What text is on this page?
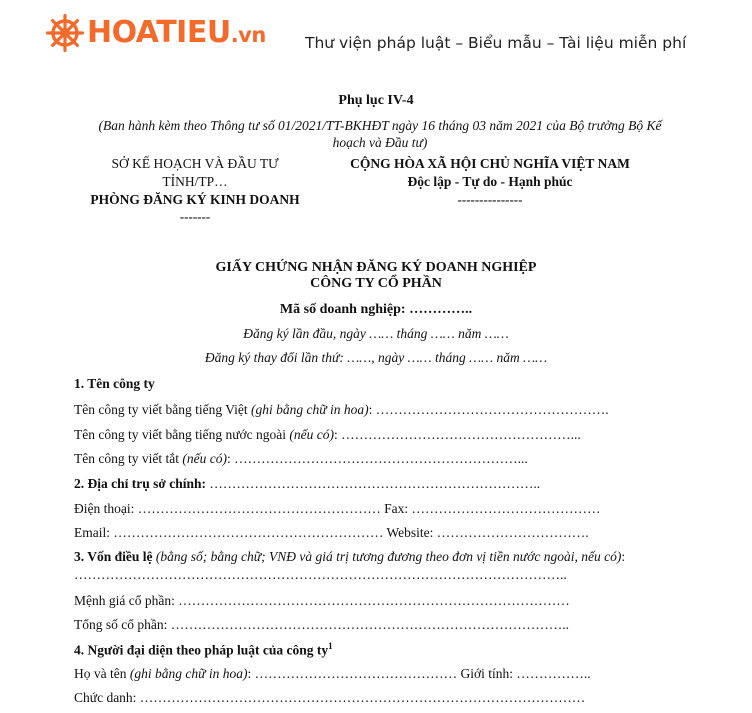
HOATIEU.vn	Thư viện pháp luật – Biểu mẫu – Tài liệu miễn phí
Phụ lục IV-4
(Ban hành kèm theo Thông tư số 01/2021/TT-BKHĐT ngày 16 tháng 03 năm 2021 của Bộ trưởng Bộ Kế
hoạch và Đầu tư)
SỞ KẾ HOẠCH VÀ ĐẦU TƯ
TỈNH/TP…
PHÒNG ĐĂNG KÝ KINH DOANH
-------
CỘNG HÒA XÃ HỘI CHỦ NGHĨA VIỆT NAM
Độc lập - Tự do - Hạnh phúc
---------------
GIẤY CHỨNG NHẬN ĐĂNG KÝ DOANH NGHIỆP
CÔNG TY CỔ PHẦN
Mã số doanh nghiệp: …………..
Đăng ký lần đầu, ngày …… tháng …… năm ……
Đăng ký thay đổi lần thứ: ……, ngày …… tháng …… năm ……
1. Tên công ty
Tên công ty viết bằng tiếng Việt (ghi bằng chữ in hoa): …………………………………………….
Tên công ty viết bằng tiếng nước ngoài (nếu có): ……………………………………………...
Tên công ty viết tắt (nếu có): ………………………………………………………...
2. Địa chỉ trụ sở chính: ………………………………………………………………..
Điện thoại: ……………………………………………… Fax: ……………………………………
Email: …………………………………………………… Website: …………………………….
3. Vốn điều lệ (bằng số; bằng chữ; VNĐ và giá trị tương đương theo đơn vị tiền nước ngoài, nếu có):
………………………………………………………………………………………………..
Mệnh giá cổ phần: ……………………………………………………………………………
Tổng số cổ phần: ……………………………………………………………………………..
4. Người đại diện theo pháp luật của công $ty^1$
Họ và tên (ghi bằng chữ in hoa): ……………………………………… Giới tính: ……………..
Chức danh: ………………………………………………………………………………………
